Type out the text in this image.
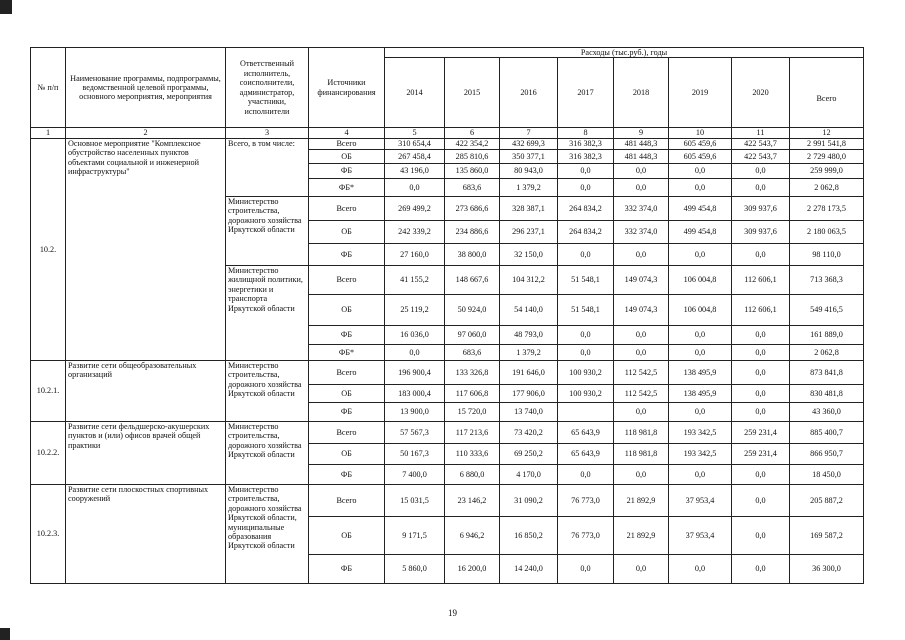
№ п/п	Наименование программы, подпрограммы, ведомственной целевой программы, основного мероприятия, мероприятия	Ответственный исполнитель, соисполнители, администратор, участники, исполнители	Источники финансирования	Расходы (тыс.руб.), годы							
				2014	2015	2016	2017	2018	2019	2020	Всего
1	2	3	4	5	6	7	8	9	10	11	12
10.2.	Основное мероприятие "Комплексное обустройство населенных пунктов объектами социальной и инженерной инфраструктуры"	Всего, в том числе:	Всего	310 654,4	422 354,2	432 699,3	316 382,3	481 448,3	605 459,6	422 543,7	2 991 541,8
			ОБ	267 458,4	285 810,6	350 377,1	316 382,3	481 448,3	605 459,6	422 543,7	2 729 480,0
			ФБ	43 196,0	135 860,0	80 943,0	0,0	0,0	0,0	0,0	259 999,0
			ФБ*	0,0	683,6	1 379,2	0,0	0,0	0,0	0,0	2 062,8
		Министерство строительства, дорожного хозяйства Иркутской области	Всего	269 499,2	273 686,6	328 387,1	264 834,2	332 374,0	499 454,8	309 937,6	2 278 173,5
			ОБ	242 339,2	234 886,6	296 237,1	264 834,2	332 374,0	499 454,8	309 937,6	2 180 063,5
			ФБ	27 160,0	38 800,0	32 150,0	0,0	0,0	0,0	0,0	98 110,0
		Министерство жилищной политики, энергетики и транспорта Иркутской области	Всего	41 155,2	148 667,6	104 312,2	51 548,1	149 074,3	106 004,8	112 606,1	713 368,3
			ОБ	25 119,2	50 924,0	54 140,0	51 548,1	149 074,3	106 004,8	112 606,1	549 416,5
			ФБ	16 036,0	97 060,0	48 793,0	0,0	0,0	0,0	0,0	161 889,0
			ФБ*	0,0	683,6	1 379,2	0,0	0,0	0,0	0,0	2 062,8
10.2.1.	Развитие сети общеобразовательных организаций	Министерство строительства, дорожного хозяйства Иркутской области	Всего	196 900,4	133 326,8	191 646,0	100 930,2	112 542,5	138 495,9	0,0	873 841,8
			ОБ	183 000,4	117 606,8	177 906,0	100 930,2	112 542,5	138 495,9	0,0	830 481,8
			ФБ	13 900,0	15 720,0	13 740,0		0,0	0,0	0,0	43 360,0
10.2.2.	Развитие сети фельдшерско-акушерских пунктов и (или) офисов врачей общей практики	Министерство строительства, дорожного хозяйства Иркутской области	Всего	57 567,3	117 213,6	73 420,2	65 643,9	118 981,8	193 342,5	259 231,4	885 400,7
			ОБ	50 167,3	110 333,6	69 250,2	65 643,9	118 981,8	193 342,5	259 231,4	866 950,7
			ФБ	7 400,0	6 880,0	4 170,0	0,0	0,0	0,0	0,0	18 450,0
10.2.3.	Развитие сети плоскостных спортивных сооружений	Министерство строительства, дорожного хозяйства Иркутской области, муниципальные образования Иркутской области	Всего	15 031,5	23 146,2	31 090,2	76 773,0	21 892,9	37 953,4	0,0	205 887,2
			ОБ	9 171,5	6 946,2	16 850,2	76 773,0	21 892,9	37 953,4	0,0	169 587,2
			ФБ	5 860,0	16 200,0	14 240,0	0,0	0,0	0,0	0,0	36 300,0
19
